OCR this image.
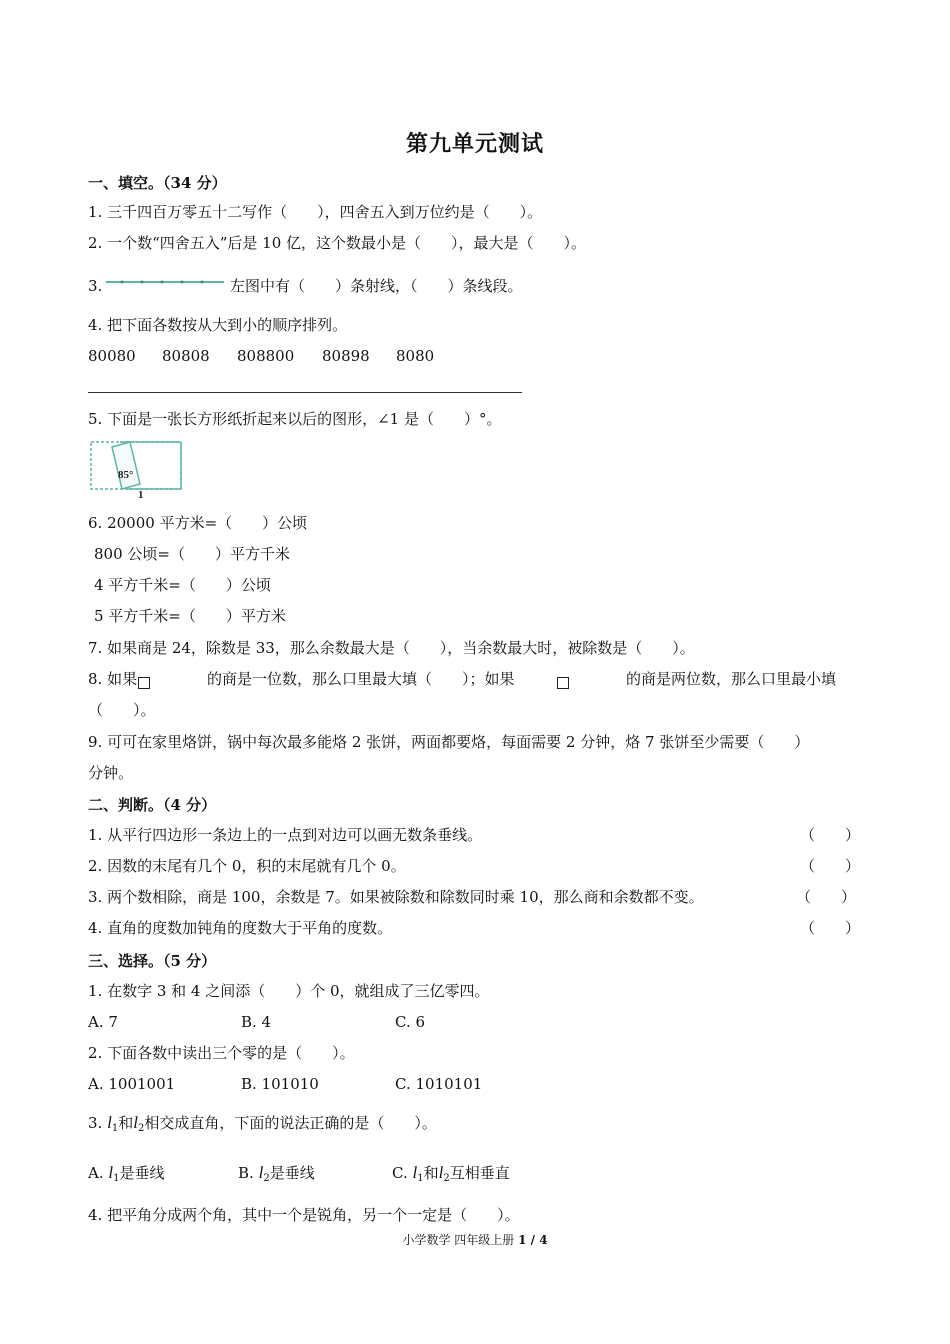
第九单元测试
一、填空。（34 分）
1. 三千四百万零五十二写作（　　），四舍五入到万位约是（　　）。
2. 一个数“四舍五入”后是 10 亿，这个数最小是（　　），最大是（　　）。
3.	左图中有（　　）条射线，（　　）条线段。
4. 把下面各数按从大到小的顺序排列。
80080 80808 808800 80898 8080
5. 下面是一张长方形纸折起来以后的图形，∠1 是（　　）°。
85°
1
6. 20000 平方米=（　　）公顷
800 公顷=（　　）平方千米
4 平方千米=（　　）公顷
5 平方千米=（　　）平方米
7. 如果商是 24，除数是 33，那么余数最大是（　　），当余数最大时，被除数是（　　）。
8. 如果	的商是一位数，那么口里最大填（　　）；如果	的商是两位数，那么口里最小填
（　　）。
9. 可可在家里烙饼，锅中每次最多能烙 2 张饼，两面都要烙，每面需要 2 分钟，烙 7 张饼至少需要（　　）
分钟。
二、判断。（4 分）
1. 从平行四边形一条边上的一点到对边可以画无数条垂线。	（　　）
2. 因数的末尾有几个 0，积的末尾就有几个 0。	（　　）
3. 两个数相除，商是 100，余数是 7。如果被除数和除数同时乘 10，那么商和余数都不变。	（　　）
4. 直角的度数加钝角的度数大于平角的度数。	（　　）
三、选择。（5 分）
1. 在数字 3 和 4 之间添（　　）个 0，就组成了三亿零四。
A. 7	B. 4	C. 6
2. 下面各数中读出三个零的是（　　）。
A. 1001001	B. 101010	C. 1010101
3. $l_1$和$l_2$相交成直角，下面的说法正确的是（　　）。
A. $l_1$是垂线	B. $l_2$是垂线	C. $l_1$和$l_2$互相垂直
4. 把平角分成两个角，其中一个是锐角，另一个一定是（　　）。
小学数学 四年级上册 1 / 4
